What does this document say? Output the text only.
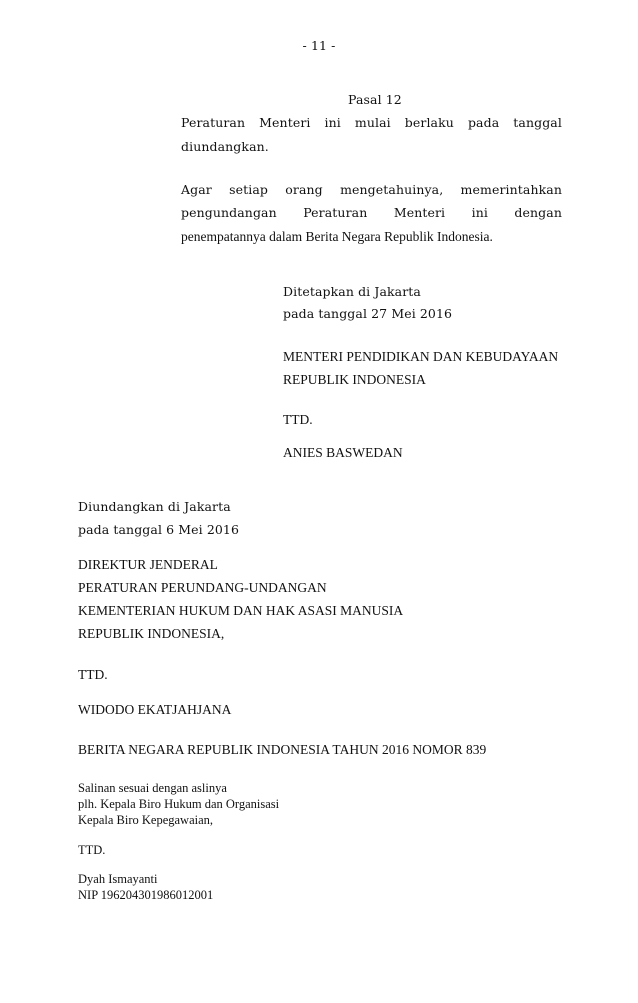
- 11 -
Pasal 12
Peraturan Menteri ini mulai berlaku pada tanggal
diundangkan.
Agar setiap orang mengetahuinya, memerintahkan
pengundangan Peraturan Menteri ini dengan
penempatannya dalam Berita Negara Republik Indonesia.
Ditetapkan di Jakarta
pada tanggal 27 Mei 2016
MENTERI PENDIDIKAN DAN KEBUDAYAAN
REPUBLIK INDONESIA
TTD.
ANIES BASWEDAN
Diundangkan di Jakarta
pada tanggal 6 Mei 2016
DIREKTUR JENDERAL
PERATURAN PERUNDANG-UNDANGAN
KEMENTERIAN HUKUM DAN HAK ASASI MANUSIA
REPUBLIK INDONESIA,
TTD.
WIDODO EKATJAHJANA
BERITA NEGARA REPUBLIK INDONESIA TAHUN 2016 NOMOR 839
Salinan sesuai dengan aslinya
plh. Kepala Biro Hukum dan Organisasi
Kepala Biro Kepegawaian,
TTD.
Dyah Ismayanti
NIP 196204301986012001
